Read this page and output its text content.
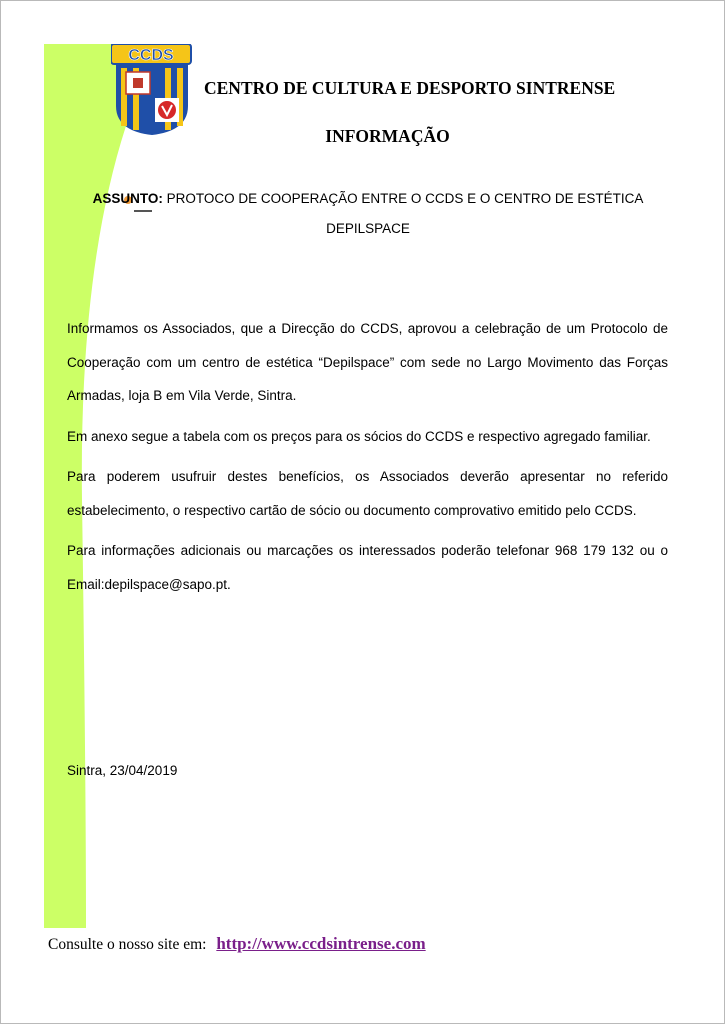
CCDS
CENTRO DE CULTURA E DESPORTO SINTRENSE
INFORMAÇÃO
ASSUNTO: PROTOCO DE COOPERAÇÃO ENTRE O CCDS E O CENTRO DE ESTÉTICA DEPILSPACE

Informamos os Associados, que a Direcção do CCDS, aprovou a celebração de um Protocolo de Cooperação com um centro de estética “Depilspace” com sede no Largo Movimento das Forças Armadas, loja B em Vila Verde, Sintra.

Em anexo segue a tabela com os preços para os sócios do CCDS e respectivo agregado familiar.

Para poderem usufruir destes benefícios, os Associados deverão apresentar no referido estabelecimento, o respectivo cartão de sócio ou documento comprovativo emitido pelo CCDS.

Para informações adicionais ou marcações os interessados poderão telefonar 968 179 132 ou o Email:depilspace@sapo.pt.

Sintra, 23/04/2019
Consulte o nosso site em: http://www.ccdsintrense.com
